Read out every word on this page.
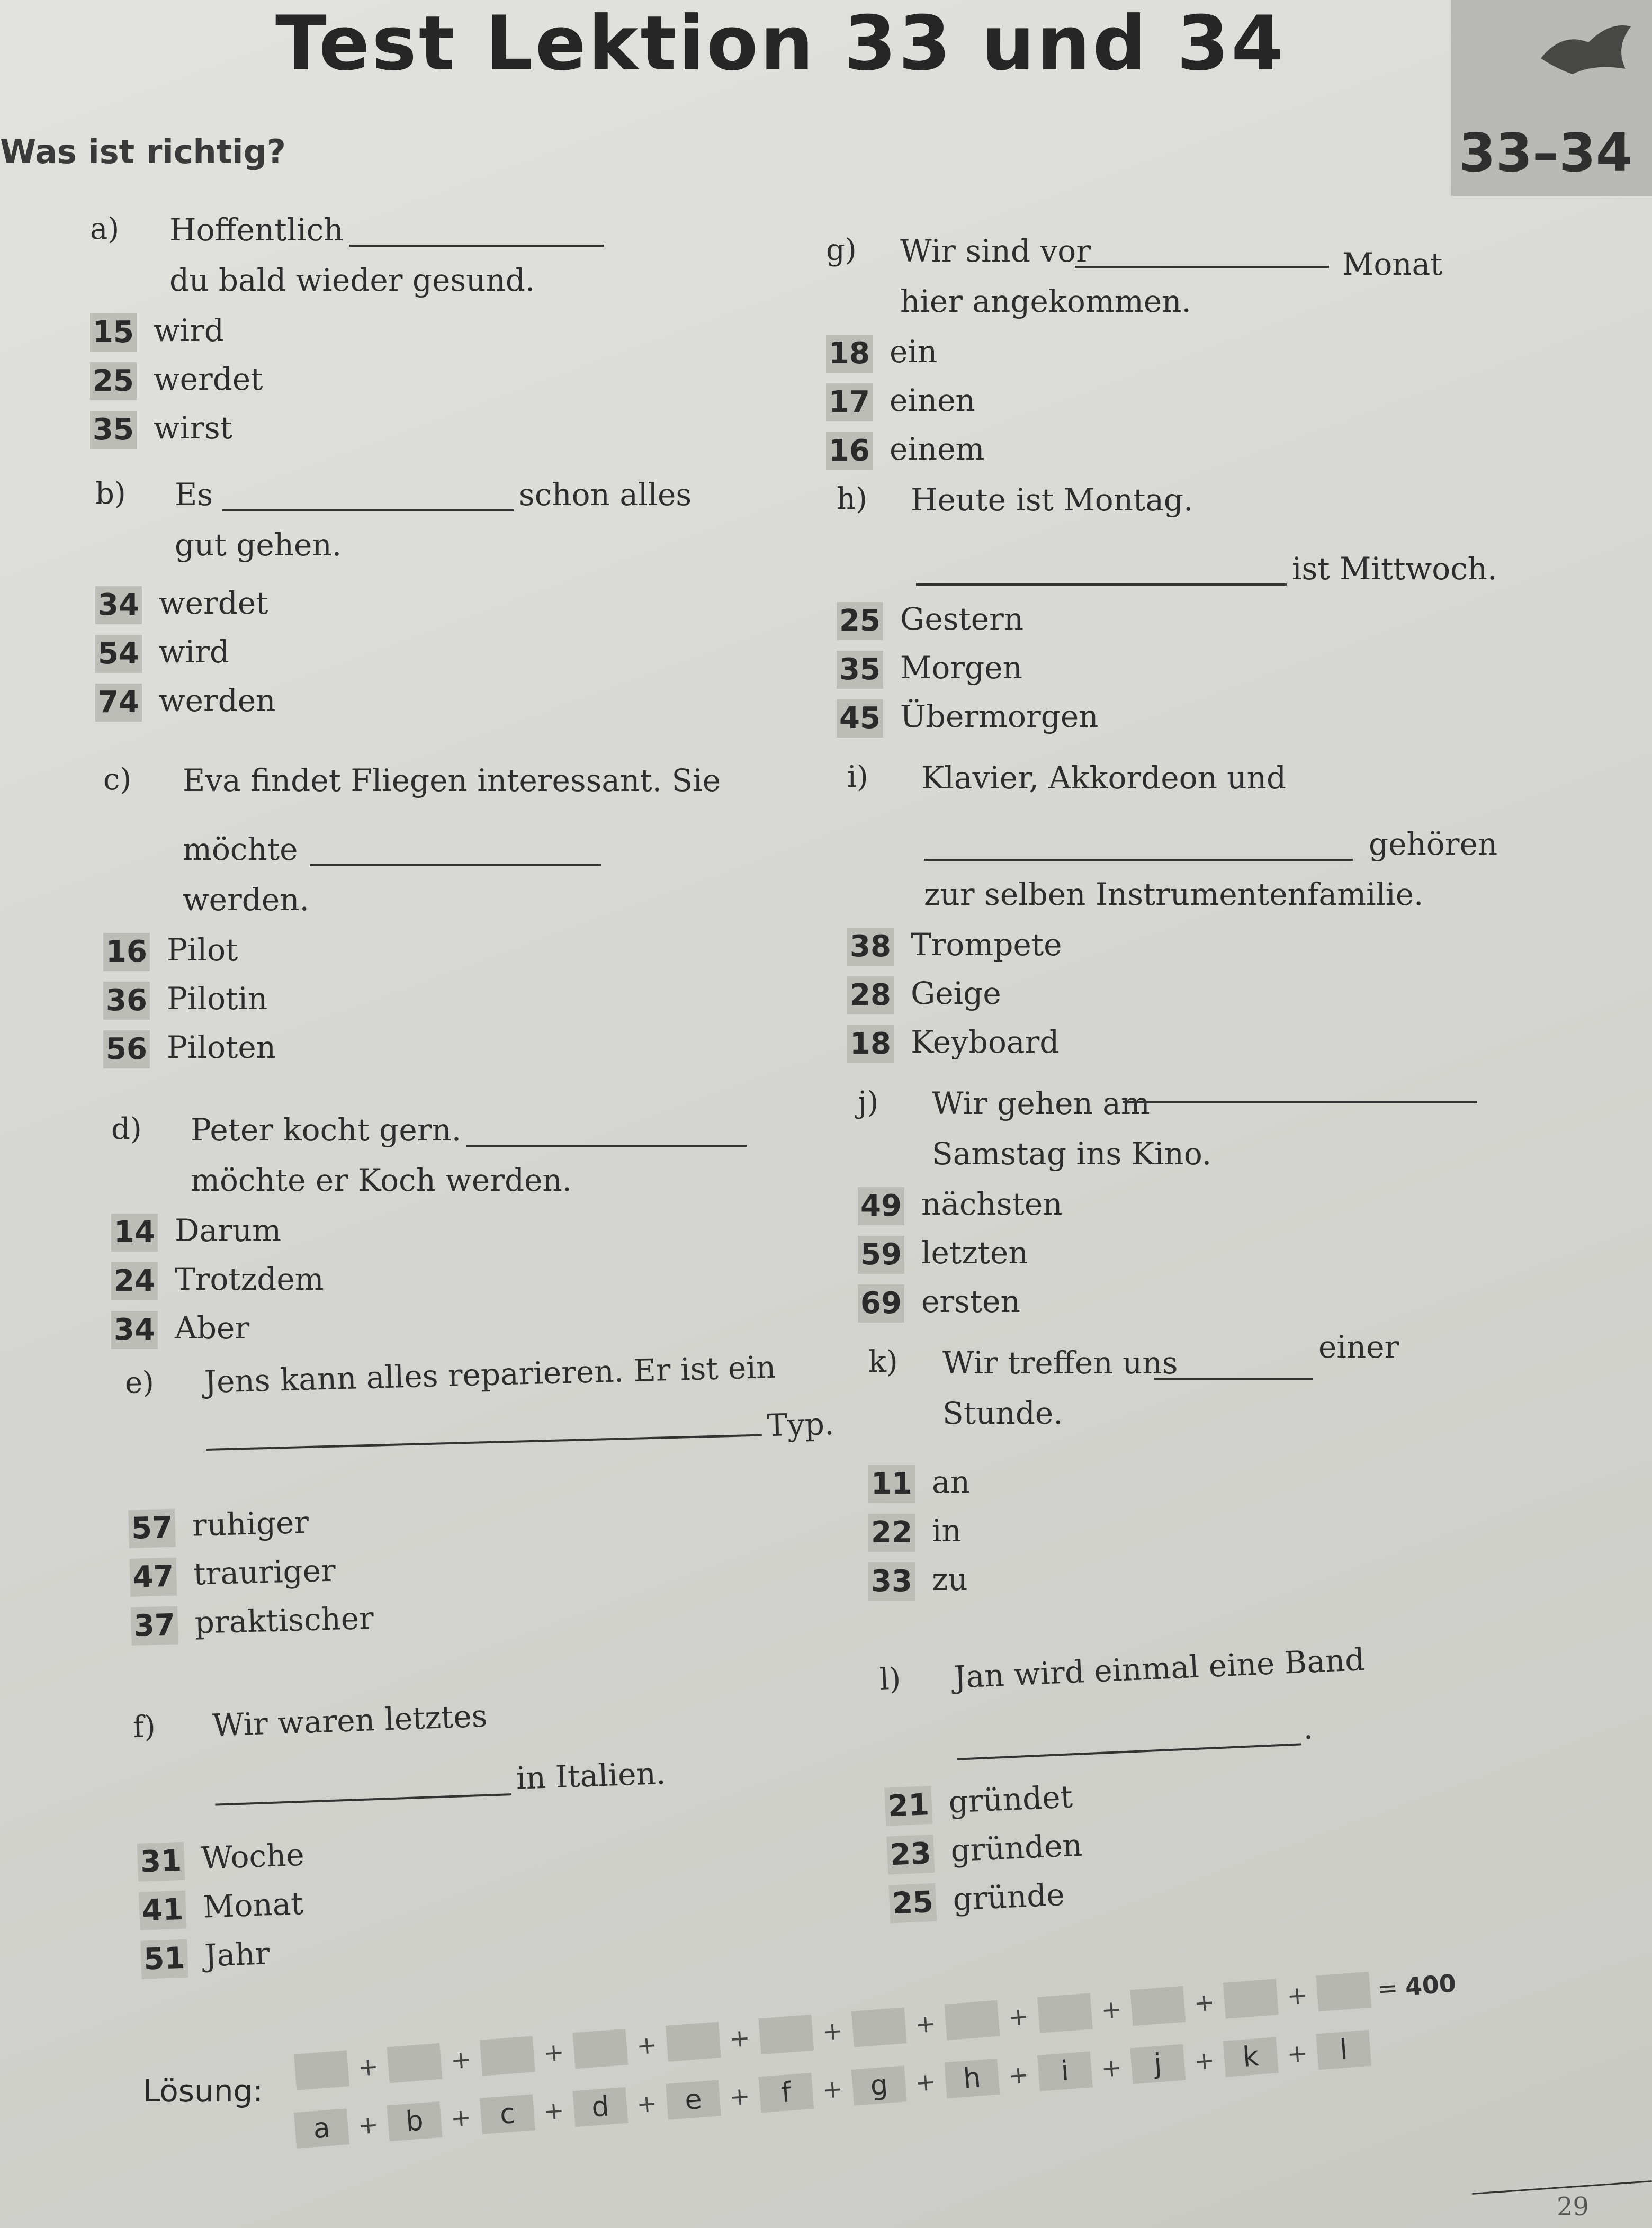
Test Lektion 33 und 34
Was ist richtig?	33–34
a) Hoffentlich
du bald wieder gesund.
15 wird
25 werdet
35 wirst
b) Es	schon alles
gut gehen.
34 werdet
54 wird
74 werden
c) Eva findet Fliegen interessant. Sie
möchte
werden.
16 Pilot
36 Pilotin
56 Piloten
d) Peter kocht gern.
möchte er Koch werden.
14 Darum
24 Trotzdem
34 Aber
e) Jens kann alles reparieren. Er ist ein
Typ.
57 ruhiger
47 trauriger
37 praktischer
f) Wir waren letztes
in Italien.
31 Woche
41 Monat
51 Jahr
g) Wir sind vor	Monat
hier angekommen.
18 ein
17 einen
16 einem
h) Heute ist Montag.
ist Mittwoch.
25 Gestern
35 Morgen
45 Übermorgen
i) Klavier, Akkordeon und
gehören
zur selben Instrumentenfamilie.
38 Trompete
28 Geige
18 Keyboard
j) Wir gehen am
Samstag ins Kino.
49 nächsten
59 letzten
69 ersten
k) Wir treffen uns	einer
Stunde.
11 an
22 in
33 zu
l) Jan wird einmal eine Band
.
21 gründet
23 gründen
25 gründe
Lösung:
+	+	+	+	+	+	+	+	+	+	+	= 400
a	+ b	+ c	+ d	+ e	+	f	+ g	+ h	+	i	+	j	+ k	+	l
29
